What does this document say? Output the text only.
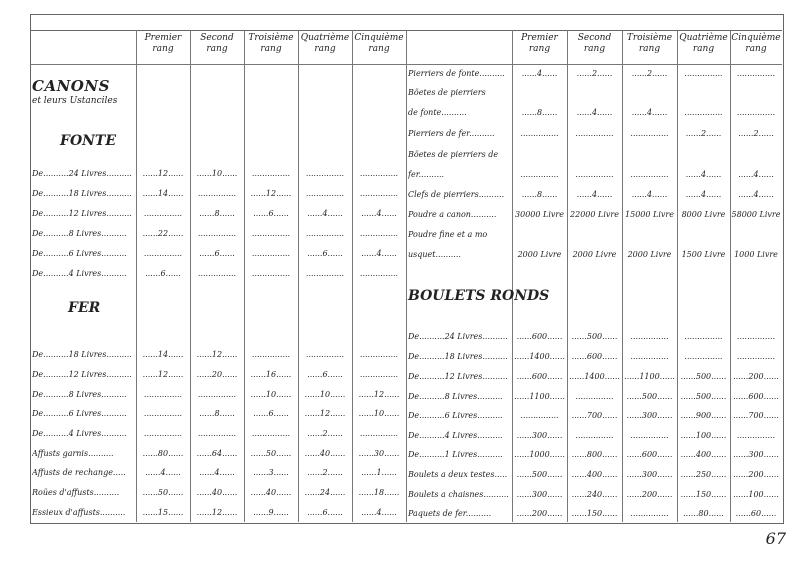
Premier
rang
Second
rang
Troisième
rang
Quatrième
rang
Cinquième
rang
Premier
rang
Second
rang
Troisième
rang
Quatrième
rang
Cinquième
rang
CANONS
et leurs Ustanciles
FONTE
FER
BOULETS RONDS
De..........24 Livres..........	......12......	......10......	...............	...............	...............
De..........18 Livres..........	......14......	...............	......12......	...............	...............
De..........12 Livres..........	...............	......8......	......6......	......4......	......4......
De..........8 Livres..........	......22......	...............	...............	...............	...............
De..........6 Livres..........	...............	......6......	...............	......6......	......4......
De..........4 Livres..........	......6......	...............	...............	...............	...............
De..........18 Livres..........	......14......	......12......	...............	...............	...............
De..........12 Livres..........	......12......	......20......	......16......	......6......	...............
De..........8 Livres..........	...............	...............	......10......	......10......	......12......
De..........6 Livres..........	...............	......8......	......6......	......12......	......10......
De..........4 Livres..........	...............	...............	...............	......2......	...............
Affusts garnis..........	......80......	......64......	......50......	......40......	......30......
Affusts de rechange.....	......4......	......4......	......3......	......2......	......1......
Roües d'affusts..........	......50......	......40......	......40......	......24......	......18......
Essieux d'affusts..........	......15......	......12......	......9......	......6......	......4......
Pierriers de fonte..........	......4......	......2......	......2......	...............	...............
Böetes de pierriers
de fonte..........	......8......	......4......	......4......	...............	...............
Pierriers de fer..........	...............	...............	...............	......2......	......2......
Böetes de pierriers de
fer..........	...............	...............	...............	......4......	......4......
Clefs de pierriers..........	......8......	......4......	......4......	......4......	......4......
Poudre a canon..........	30000 Livre 22000 Livre 15000 Livre 8000 Livre 58000 Livre
Poudre fine et a mo
usquet..........	2000 Livre	2000 Livre	2000 Livre	1500 Livre	1000 Livre
De..........24 Livres..........	......600......	......500......	...............	...............	...............
De..........18 Livres.......... ......1400...... ......600......	...............	...............	...............
De..........12 Livres..........	......600...... ......1400...... ......1100...... ......500...... ......200......
De..........8 Livres..........	......1100......	...............	......500......	......500...... ......600......
De..........6 Livres..........	...............	......700......	......300......	......900...... ......700......
De..........4 Livres..........	......300......	...............	...............	......100......	...............
De..........1 Livres..........	......1000...... ......800......	......600......	......400...... ......300......
Boulets a deux testes.....	......500......	......400......	......300......	......250...... ......200......
Boulets a chaisnes.......... ......300......	......240......	......200......	......150...... ......100......
Paquets de fer..........	......200......	......150......	...............	......80......	......60......
67
